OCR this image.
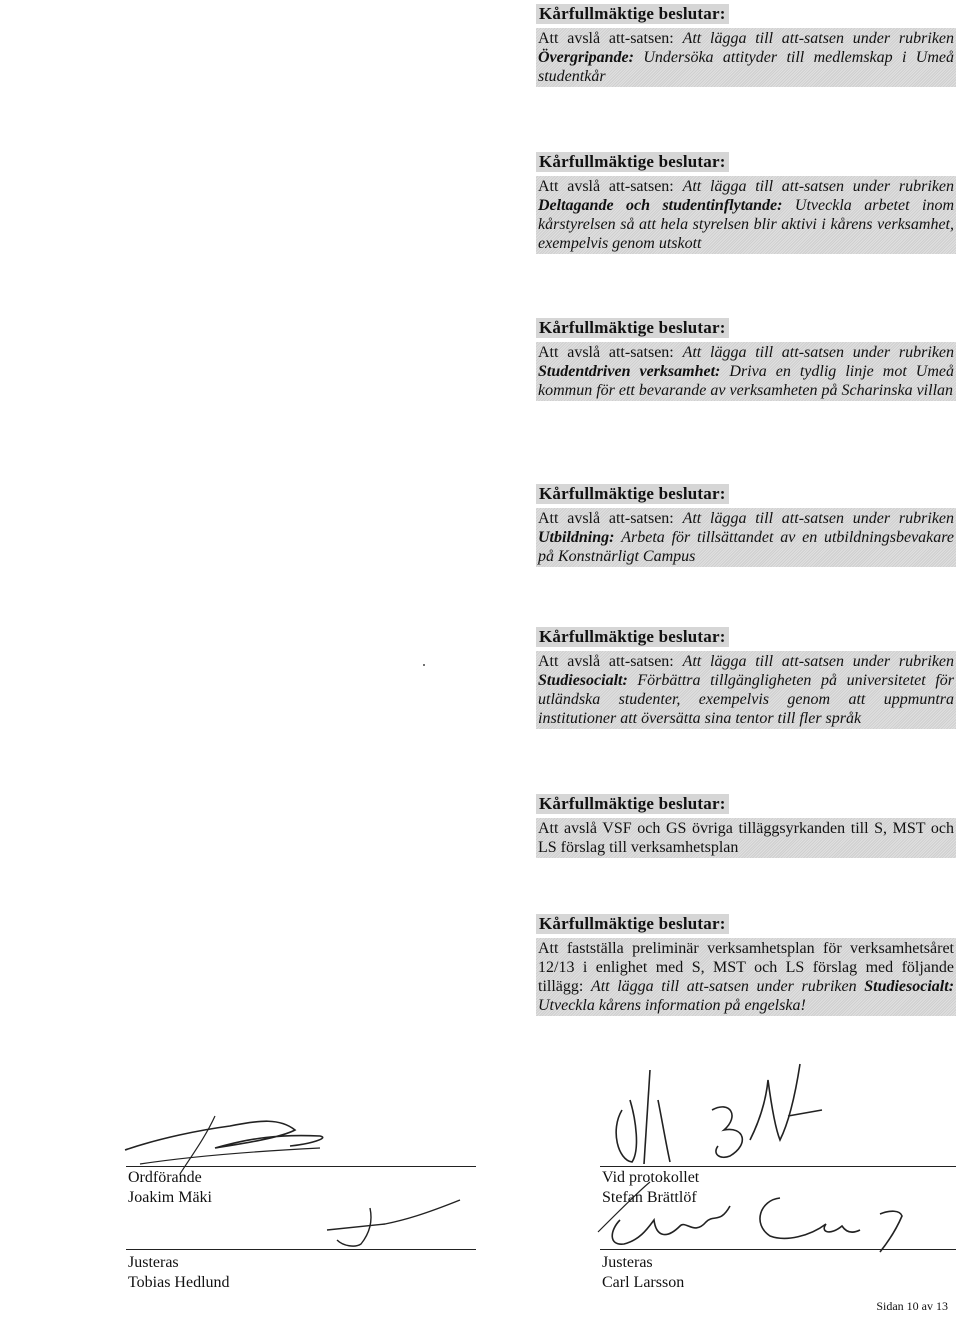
Kårfullmäktige beslutar:
Att avslå att-satsen: Att lägga till att-satsen under rubriken Övergripande: Undersöka attityder till medlemskap i Umeå studentkår
Kårfullmäktige beslutar:
Att avslå att-satsen: Att lägga till att-satsen under rubriken Deltagande och studentinflytande: Utveckla arbetet inom kårstyrelsen så att hela styrelsen blir aktivi i kårens verksamhet, exempelvis genom utskott
Kårfullmäktige beslutar:
Att avslå att-satsen: Att lägga till att-satsen under rubriken Studentdriven verksamhet: Driva en tydlig linje mot Umeå kommun för ett bevarande av verksamheten på Scharinska villan
Kårfullmäktige beslutar:
Att avslå att-satsen: Att lägga till att-satsen under rubriken Utbildning: Arbeta för tillsättandet av en utbildningsbevakare på Konstnärligt Campus
Kårfullmäktige beslutar:
Att avslå att-satsen: Att lägga till att-satsen under rubriken Studiesocialt: Förbättra tillgängligheten på universitetet för utländska studenter, exempelvis genom att uppmuntra institutioner att översätta sina tentor till fler språk
Kårfullmäktige beslutar:
Att avslå VSF och GS övriga tilläggsyrkanden till S, MST och LS förslag till verksamhetsplan
Kårfullmäktige beslutar:
Att fastställa preliminär verksamhetsplan för verksamhetsåret 12/13 i enlighet med S, MST och LS förslag med följande tillägg: Att lägga till att-satsen under rubriken Studiesocialt: Utveckla kårens information på engelska!
Ordförande
Joakim Mäki
Vid protokollet
Stefan Brättlöf
Justeras
Tobias Hedlund
Justeras
Carl Larsson
Sidan 10 av 13
